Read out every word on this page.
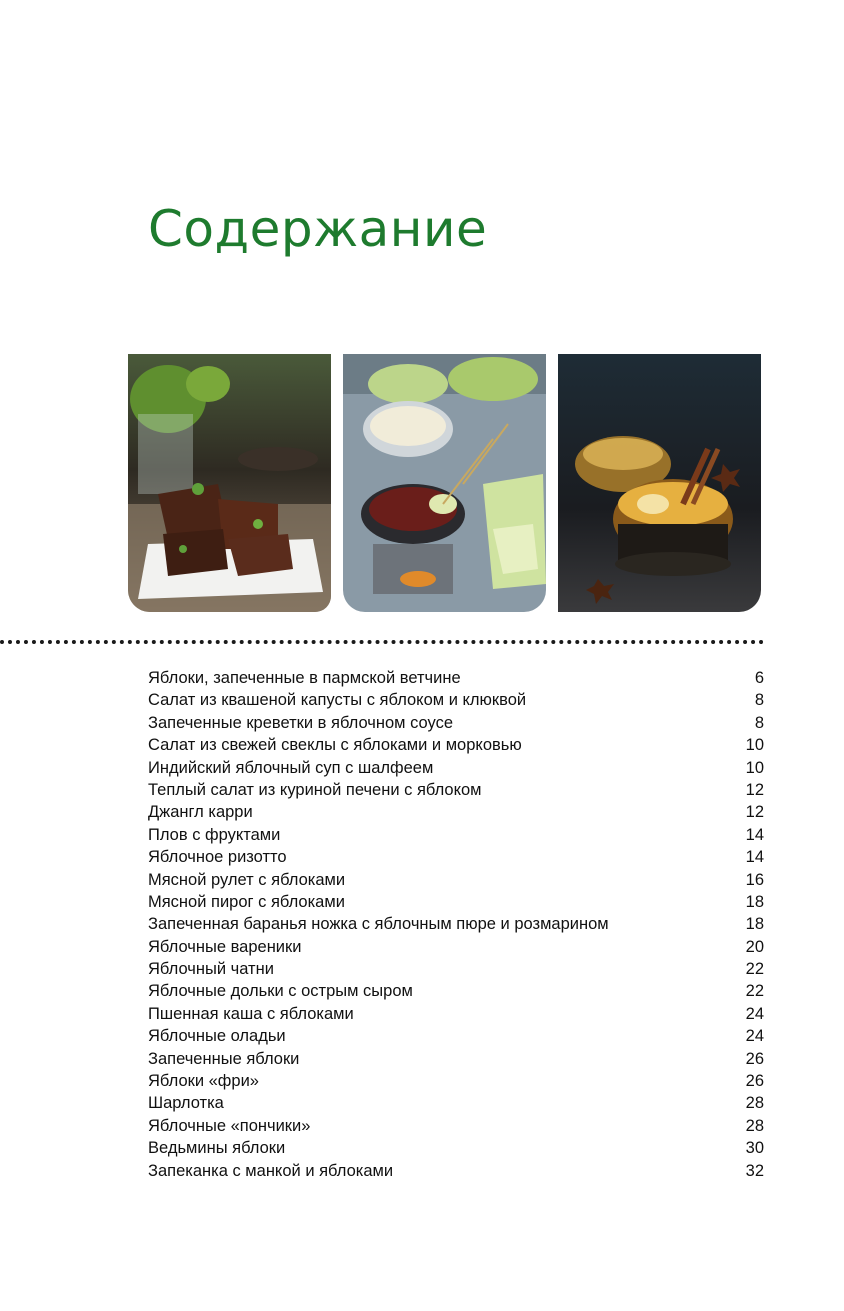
Содержание
Яблоки, запеченные в пармской ветчине	6
Салат из квашеной капусты с яблоком и клюквой	8
Запеченные креветки в яблочном соусе	8
Салат из свежей свеклы с яблоками и морковью	10
Индийский яблочный суп с шалфеем	10
Теплый салат из куриной печени с яблоком	12
Джангл карри	12
Плов с фруктами	14
Яблочное ризотто	14
Мясной рулет с яблоками	16
Мясной пирог с яблоками	18
Запеченная баранья ножка с яблочным пюре и розмарином	18
Яблочные вареники	20
Яблочный чатни	22
Яблочные дольки с острым сыром	22
Пшенная каша с яблоками	24
Яблочные оладьи	24
Запеченные яблоки	26
Яблоки «фри»	26
Шарлотка	28
Яблочные «пончики»	28
Ведьмины яблоки	30
Запеканка с манкой и яблоками	32
